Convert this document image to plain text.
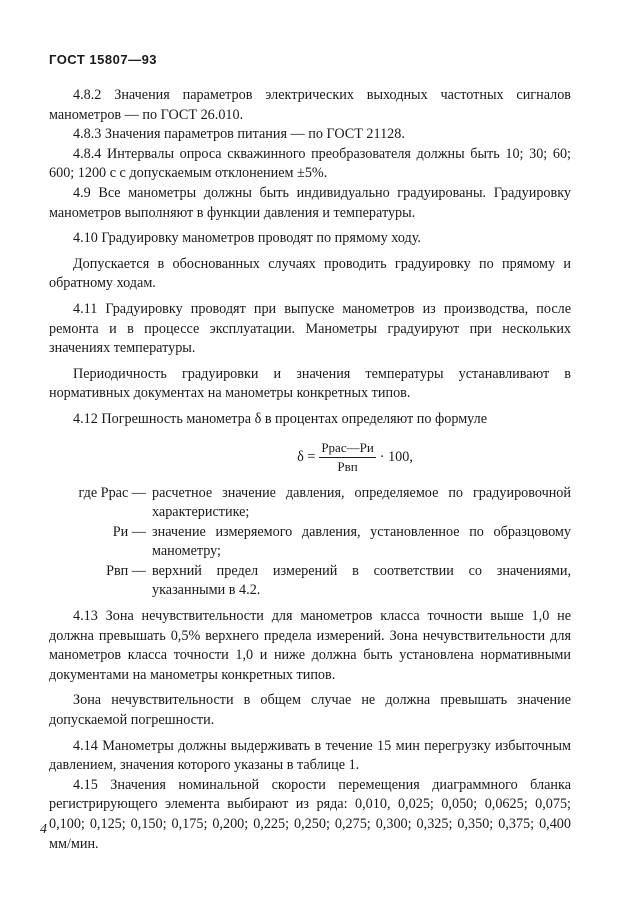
ГОСТ 15807—93

4.8.2 Значения параметров электрических выходных частотных сигналов манометров — по ГОСТ 26.010.

4.8.3 Значения параметров питания — по ГОСТ 21128.

4.8.4 Интервалы опроса скважинного преобразователя должны быть 10; 30; 60; 600; 1200 с с допускаемым отклонением ±5%.

4.9 Все манометры должны быть индивидуально градуированы. Градуировку манометров выполняют в функции давления и температуры.

4.10 Градуировку манометров проводят по прямому ходу.

Допускается в обоснованных случаях проводить градуировку по прямому и обратному ходам.

4.11 Градуировку проводят при выпуске манометров из производства, после ремонта и в процессе эксплуатации. Манометры градуируют при нескольких значениях температуры.

Периодичность градуировки и значения температуры устанавливают в нормативных документах на манометры конкретных типов.

4.12 Погрешность манометра δ в процентах определяют по формуле

$\delta = \frac{\text{Pрас—Pи}}{\text{Pвп}} \cdot 100$,
где Pрас — расчетное значение давления, определяемое по градуировочной характеристике;
Pи — значение измеряемого давления, установленное по образцовому манометру;
Pвп — верхний предел измерений в соответствии со значениями, указанными в 4.2.

4.13 Зона нечувствительности для манометров класса точности выше 1,0 не должна превышать 0,5% верхнего предела измерений. Зона нечувствительности для манометров класса точности 1,0 и ниже должна быть установлена нормативными документами на манометры конкретных типов.

Зона нечувствительности в общем случае не должна превышать значение допускаемой погрешности.

4.14 Манометры должны выдерживать в течение 15 мин перегрузку избыточным давлением, значения которого указаны в таблице 1.

4.15 Значения номинальной скорости перемещения диаграммного бланка регистрирующего элемента выбирают из ряда: 0,010, 0,025; 0,050; 0,0625; 0,075; 0,100; 0,125; 0,150; 0,175; 0,200; 0,225; 0,250; 0,275; 0,300; 0,325; 0,350; 0,375; 0,400 мм/мин.

4
